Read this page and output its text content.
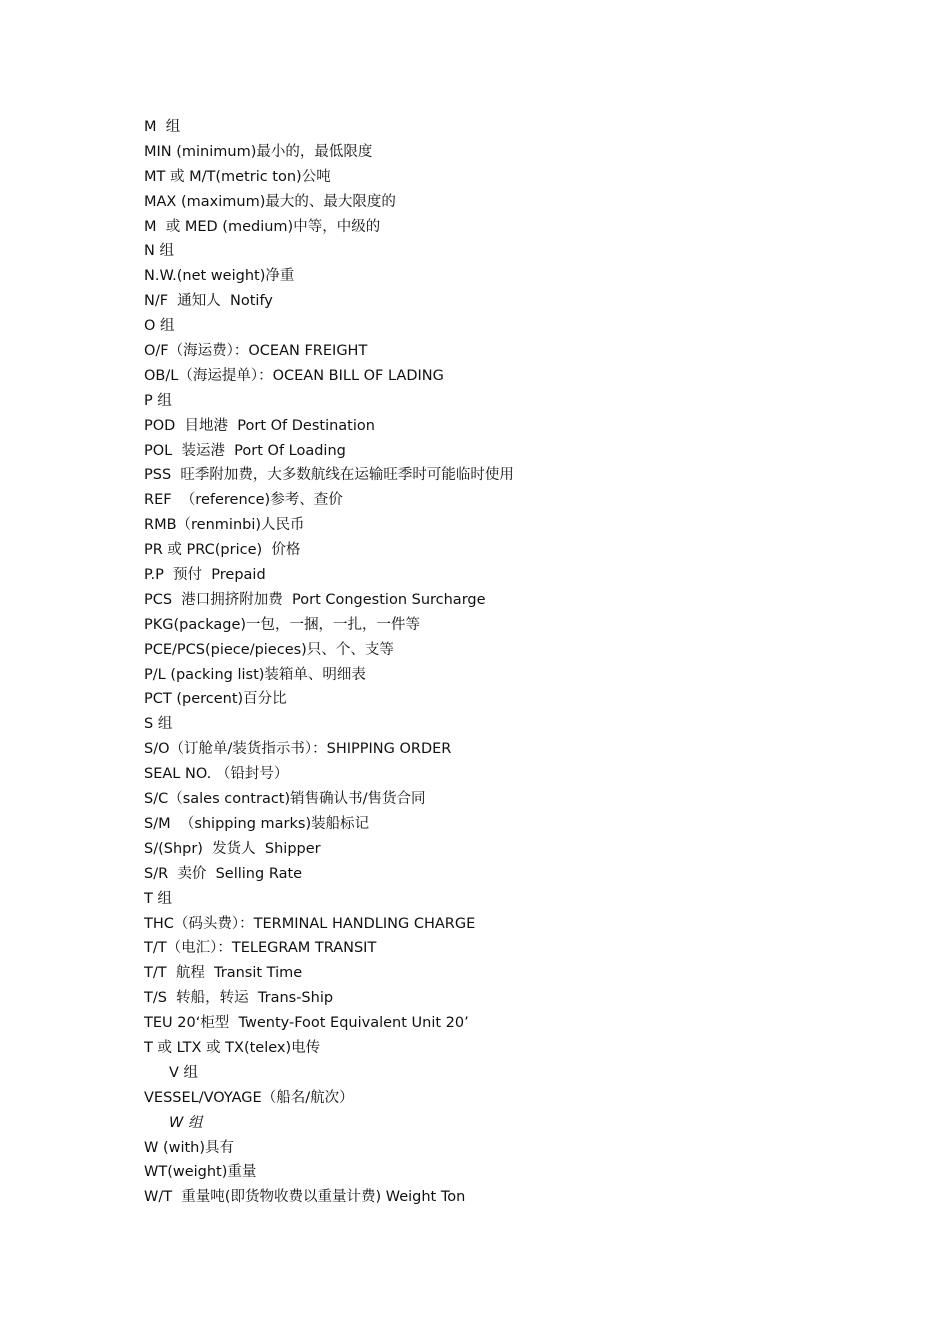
M  组
MIN (minimum)最小的，最低限度
MT 或 M/T(metric ton)公吨
MAX (maximum)最大的、最大限度的
M  或 MED (medium)中等，中级的
N 组
N.W.(net weight)净重
N/F  通知人  Notify
O 组
O/F（海运费）：OCEAN FREIGHT
OB/L（海运提单）：OCEAN BILL OF LADING
P 组
POD  目地港  Port Of Destination
POL  装运港  Port Of Loading
PSS  旺季附加费，大多数航线在运输旺季时可能临时使用
REF  （reference)参考、查价
RMB（renminbi)人民币
PR 或 PRC(price)  价格
P.P  预付  Prepaid
PCS  港口拥挤附加费  Port Congestion Surcharge
PKG(package)一包，一捆，一扎，一件等
PCE/PCS(piece/pieces)只、个、支等
P/L (packing list)装箱单、明细表
PCT (percent)百分比
S 组
S/O（订舱单/装货指示书）：SHIPPING ORDER
SEAL NO. （铅封号）
S/C（sales contract)销售确认书/售货合同
S/M  （shipping marks)装船标记
S/(Shpr)  发货人  Shipper
S/R  卖价  Selling Rate
T 组
THC（码头费）：TERMINAL HANDLING CHARGE
T/T（电汇）：TELEGRAM TRANSIT
T/T  航程  Transit Time
T/S  转船，转运  Trans-Ship
TEU 20‘柜型  Twenty-Foot Equivalent Unit 20’
T 或 LTX 或 TX(telex)电传
V 组
VESSEL/VOYAGE（船名/航次）
W 组
W (with)具有
WT(weight)重量
W/T  重量吨(即货物收费以重量计费) Weight Ton
